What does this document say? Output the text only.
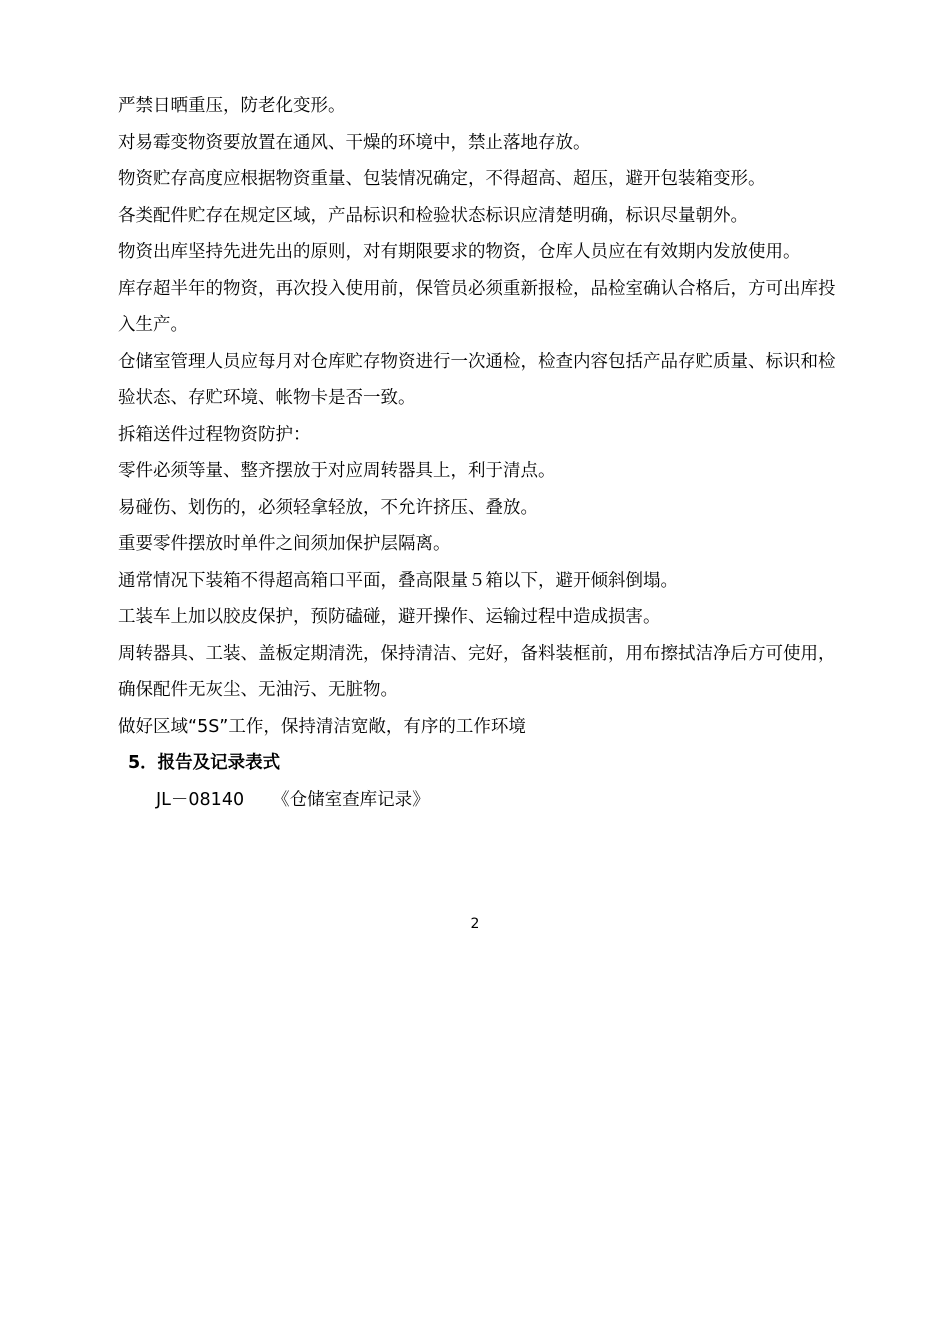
严禁日晒重压，防老化变形。

对易霉变物资要放置在通风、干燥的环境中，禁止落地存放。

物资贮存高度应根据物资重量、包装情况确定，不得超高、超压，避开包装箱变形。

各类配件贮存在规定区域，产品标识和检验状态标识应清楚明确，标识尽量朝外。

物资出库坚持先进先出的原则，对有期限要求的物资，仓库人员应在有效期内发放使用。

库存超半年的物资，再次投入使用前，保管员必须重新报检，品检室确认合格后，方可出库投入生产。

仓储室管理人员应每月对仓库贮存物资进行一次通检，检查内容包括产品存贮质量、标识和检验状态、存贮环境、帐物卡是否一致。

拆箱送件过程物资防护：

零件必须等量、整齐摆放于对应周转器具上，利于清点。

易碰伤、划伤的，必须轻拿轻放，不允许挤压、叠放。

重要零件摆放时单件之间须加保护层隔离。

通常情况下装箱不得超高箱口平面，叠高限量５箱以下，避开倾斜倒塌。

工装车上加以胶皮保护，预防磕碰，避开操作、运输过程中造成损害。

周转器具、工装、盖板定期清洗，保持清洁、完好，备料装框前，用布擦拭洁净后方可使用，确保配件无灰尘、无油污、无脏物。

做好区域“5S”工作，保持清洁宽敞，有序的工作环境

5．报告及记录表式

JL－08140 《仓储室查库记录》

2
